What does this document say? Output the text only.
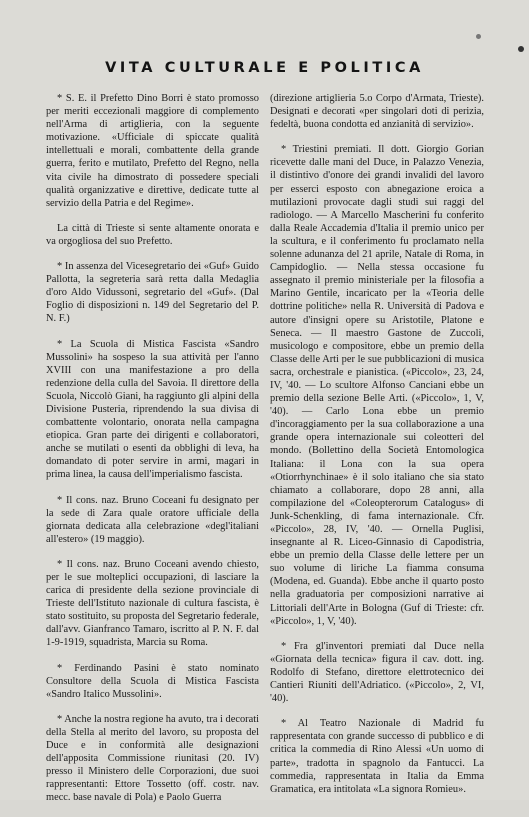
VITA CULTURALE E POLITICA

* S. E. il Prefetto Dino Borri è stato promosso per meriti eccezionali maggiore di complemento nell'Arma di artiglieria, con la seguente motivazione. «Ufficiale di spiccate qualità intellettuali e morali, combattente della grande guerra, ferito e mutilato, Prefetto del Regno, nella vita civile ha dimostrato di possedere speciali qualità organizzative e direttive, dedicate tutte al servizio della Patria e del Regime».

La città di Trieste si sente altamente onorata e va orgogliosa del suo Prefetto.

* In assenza del Vicesegretario dei «Guf» Guido Pallotta, la segreteria sarà retta dalla Medaglia d'oro Aldo Vidussoni, segretario del «Guf». (Dal Foglio di disposizioni n. 149 del Segretario del P. N. F.)

* La Scuola di Mistica Fascista «Sandro Mussolini» ha sospeso la sua attività per l'anno XVIII con una manifestazione a pro della redenzione della culla del Savoia. Il direttore della Scuola, Niccolò Giani, ha raggiunto gli alpini della Divisione Pusteria, riprendendo la sua divisa di combattente volontario, onorata nella campagna etiopica. Gran parte dei dirigenti e collaboratori, anche se mutilati o esenti da obblighi di leva, ha domandato di poter servire in armi, magari in prima linea, la causa dell'imperialismo fascista.

* Il cons. naz. Bruno Coceani fu designato per la sede di Zara quale oratore ufficiale della giornata dedicata alla celebrazione «degl'italiani all'estero» (19 maggio).

* Il cons. naz. Bruno Coceani avendo chiesto, per le sue molteplici occupazioni, di lasciare la carica di presidente della sezione provinciale di Trieste dell'Istituto nazionale di cultura fascista, è stato sostituito, su proposta del Segretario federale, dall'avv. Gianfranco Tamaro, iscritto al P. N. F. dal 1-9-1919, squadrista, Marcia su Roma.

* Ferdinando Pasini è stato nominato Consultore della Scuola di Mistica Fascista «Sandro Italico Mussolini».

* Anche la nostra regione ha avuto, tra i decorati della Stella al merito del lavoro, su proposta del Duce e in conformità alle designazioni dell'apposita Commissione riunitasi (20. IV) presso il Ministero delle Corporazioni, due suoi rappresentanti: Ettore Tossetto (off. costr. nav. mecc. base navale di Pola) e Paolo Guerra

(direzione artiglieria 5.o Corpo d'Armata, Trieste). Designati e decorati «per singolari doti di perizia, fedeltà, buona condotta ed anzianità di servizio».

* Triestini premiati. Il dott. Giorgio Gorian ricevette dalle mani del Duce, in Palazzo Venezia, il distintivo d'onore dei grandi invalidi del lavoro per esserci esposto con abnegazione eroica a mutilazioni provocate dagli studi sui raggi del radiologo. — A Marcello Mascherini fu conferito dalla Reale Accademia d'Italia il premio unico per la scultura, e il conferimento fu proclamato nella solenne adunanza del 21 aprile, Natale di Roma, in Campidoglio. — Nella stessa occasione fu assegnato il premio ministeriale per la filosofia a Marino Gentile, incaricato per la «Teoria delle dottrine politiche» nella R. Università di Padova e autore d'insigni opere su Aristotile, Platone e Seneca. — Il maestro Gastone de Zuccoli, musicologo e compositore, ebbe un premio della Classe delle Arti per le sue pubblicazioni di musica sacra, orchestrale e pianistica. («Piccolo», 23, 24, IV, '40. — Lo scultore Alfonso Canciani ebbe un premio della sezione Belle Arti. («Piccolo», 1, V, '40). — Carlo Lona ebbe un premio d'incoraggiamento per la sua collaborazione a una grande opera internazionale sui coleotteri del mondo. (Bollettino della Società Entomologica Italiana: il Lona con la sua opera «Otiorrhynchinae» è il solo italiano che sia stato chiamato a collaborare, dopo 28 anni, alla compilazione del «Coleopterorum Catalogus» di Junk-Schenkling, di fama internazionale. Cfr. «Piccolo», 28, IV, '40. — Ornella Puglisi, insegnante al R. Liceo-Ginnasio di Capodistria, ebbe un premio della Classe delle lettere per un suo volume di liriche La fiamma consuma (Modena, ed. Guanda). Ebbe anche il quarto posto nella graduatoria per composizioni narrative ai Littoriali dell'Arte in Bologna (Guf di Trieste: cfr. «Piccolo», 1, V, '40).

* Fra gl'inventori premiati dal Duce nella «Giornata della tecnica» figura il cav. dott. ing. Rodolfo di Stefano, direttore elettrotecnico dei Cantieri Riuniti dell'Adriatico. («Piccolo», 2, VI, '40).

* Al Teatro Nazionale di Madrid fu rappresentata con grande successo di pubblico e di critica la commedia di Rino Alessi «Un uomo di parte», tradotta in spagnolo da Fantucci. La commedia, rappresentata in Italia da Emma Gramatica, era intitolata «La signora Romieu».
